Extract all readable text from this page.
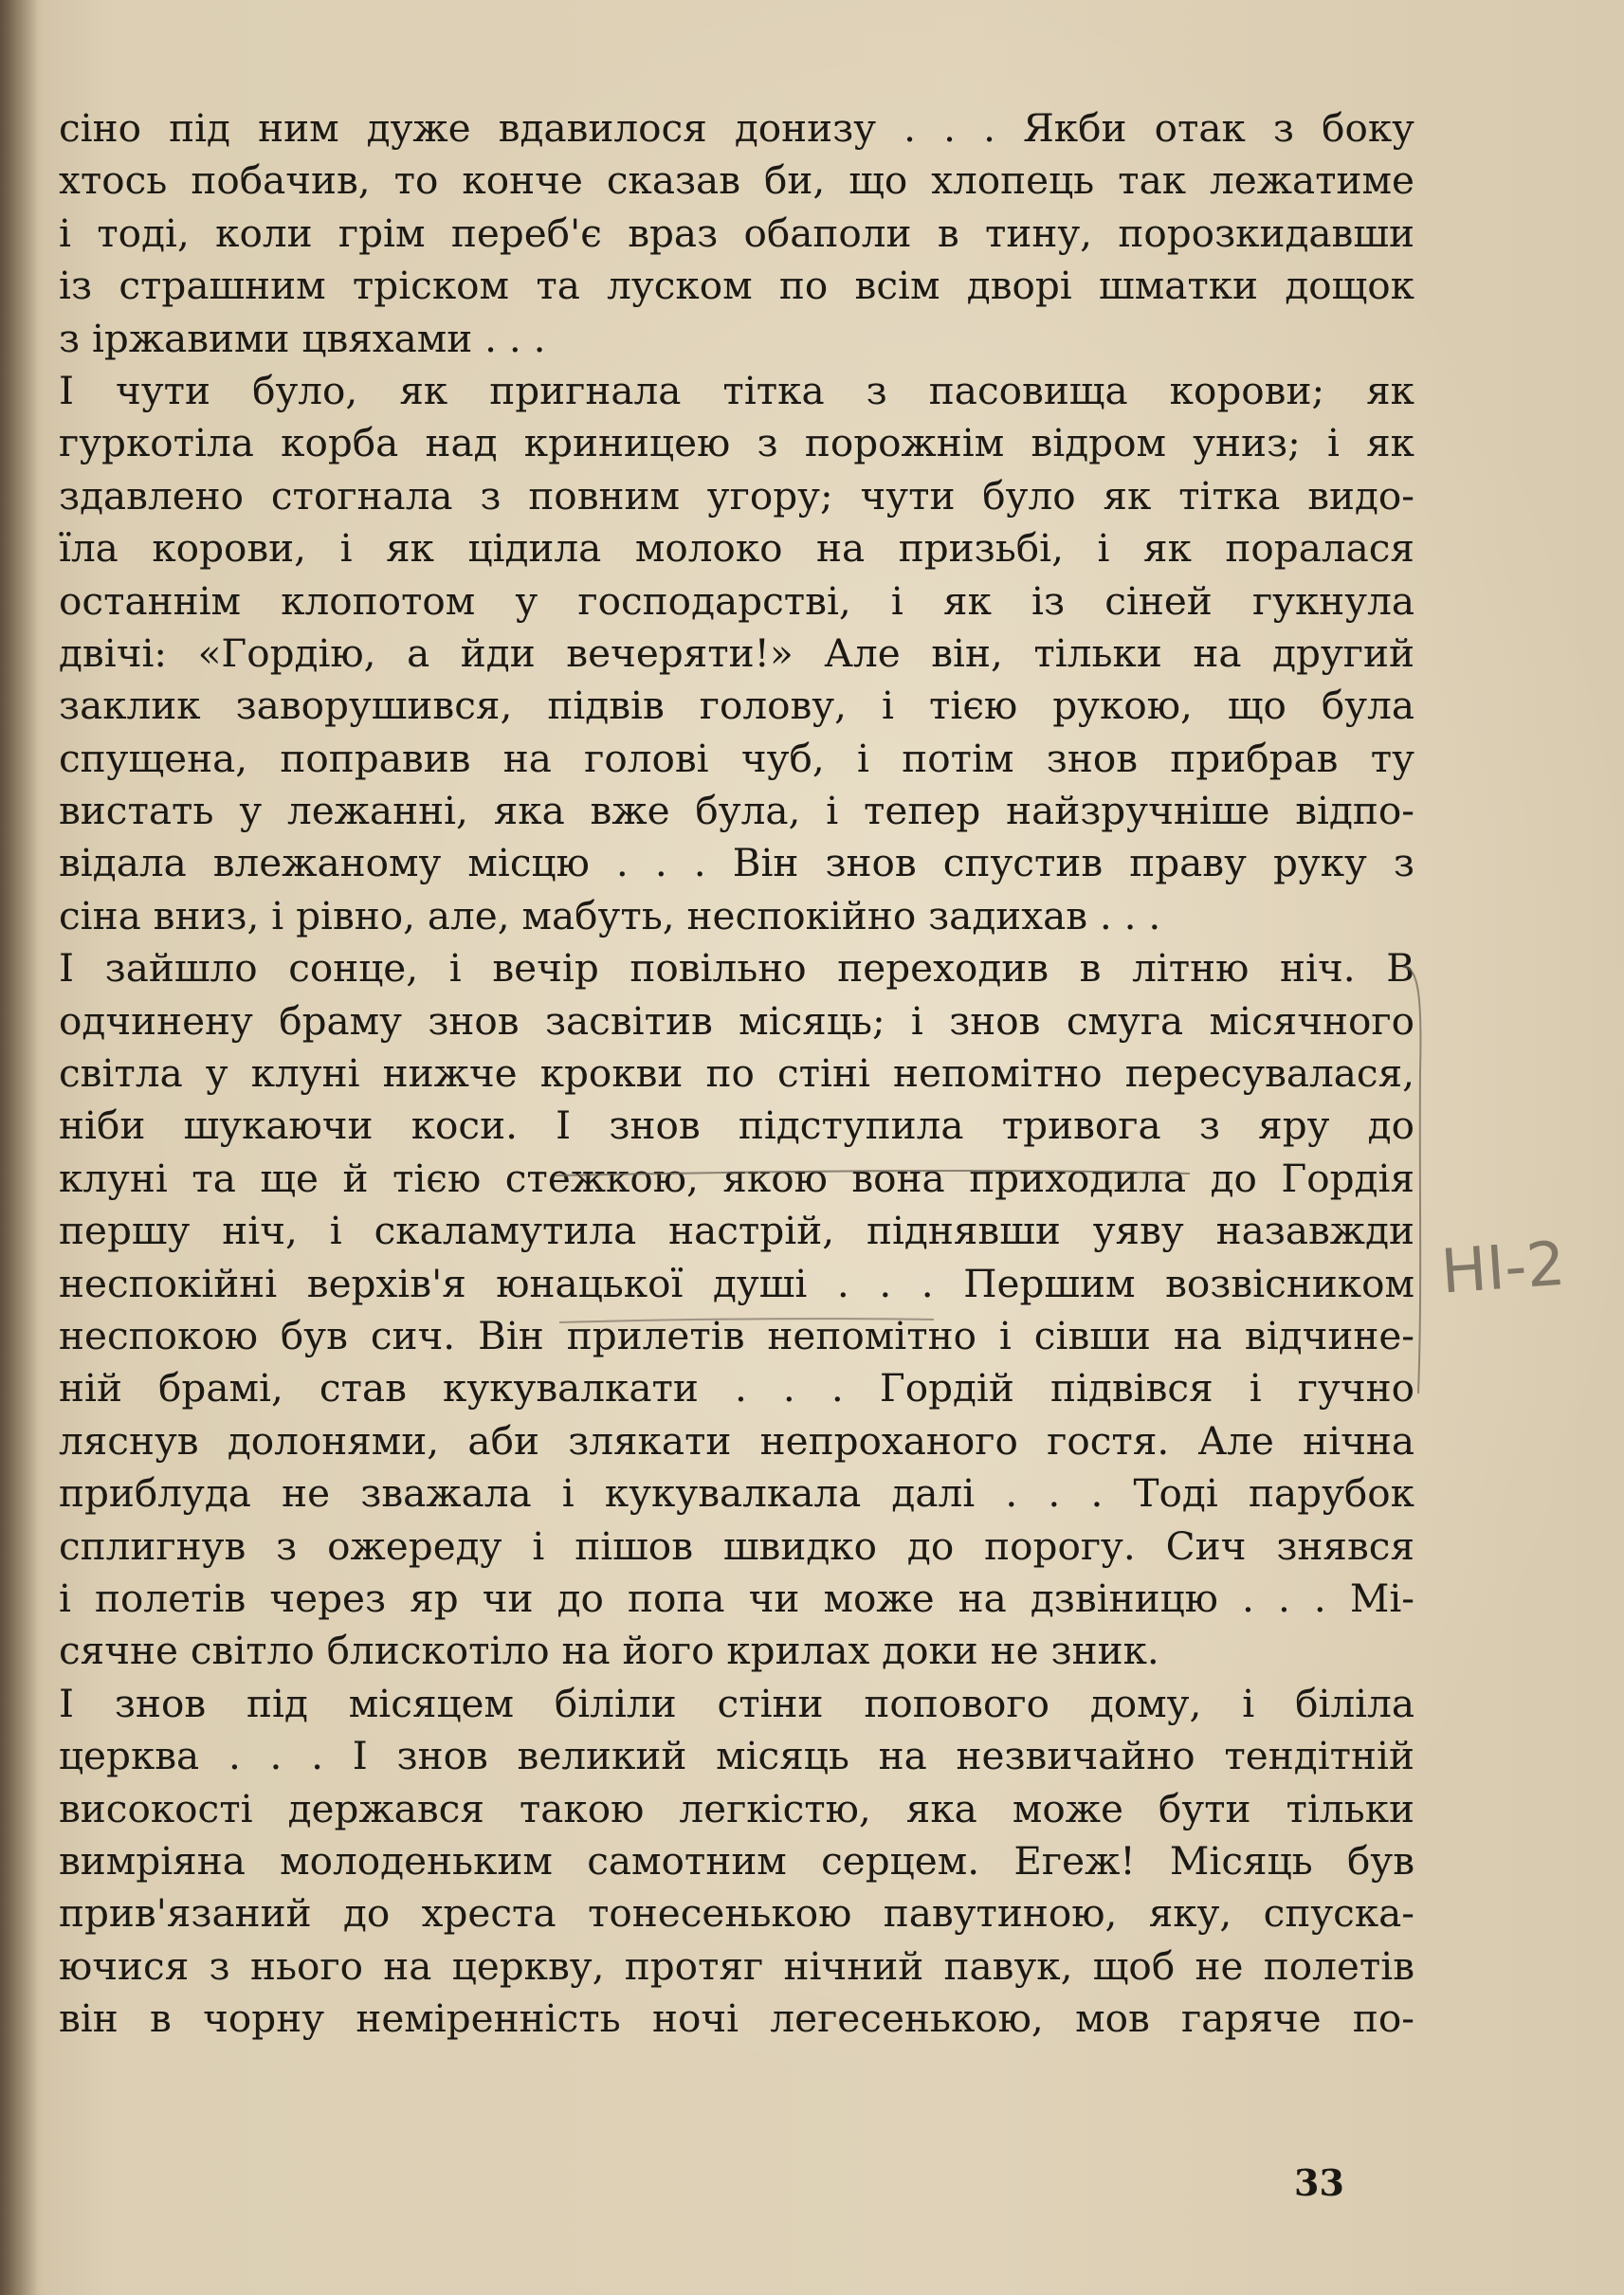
сіно під ним дуже вдавилося донизу . . . Якби отак з боку
хтось побачив, то конче сказав би, що хлопець так лежатиме
і тоді, коли грім переб'є враз обаполи в тину, порозкидавши
із страшним тріском та луском по всім дворі шматки дощок
з іржавими цвяхами . . .
І чути було, як пригнала тітка з пасовища корови; як
гуркотіла корба над криницею з порожнім відром униз; і як
здавлено стогнала з повним угору; чути було як тітка видо-
їла корови, і як цідила молоко на призьбі, і як поралася
останнім клопотом у господарстві, і як із сіней гукнула
двічі: «Гордію, а йди вечеряти!» Але він, тільки на другий
заклик заворушився, підвів голову, і тією рукою, що була
спущена, поправив на голові чуб, і потім знов прибрав ту
вистать у лежанні, яка вже була, і тепер найзручніше відпо-
відала влежаному місцю . . . Він знов спустив праву руку з
сіна вниз, і рівно, але, мабуть, неспокійно задихав . . .
І зайшло сонце, і вечір повільно переходив в літню ніч. В
одчинену браму знов засвітив місяць; і знов смуга місячного
світла у клуні нижче крокви по стіні непомітно пересувалася,
ніби шукаючи коси. І знов підступила тривога з яру до
клуні та ще й тією стежкою, якою вона приходила до Гордія
першу ніч, і скаламутила настрій, піднявши уяву назавжди
неспокійні верхів'я юнацької душі . . . Першим возвісником
неспокою був сич. Він прилетів непомітно і сівши на відчине-
ній брамі, став кукувалкати . . . Гордій підвівся і гучно
ляснув долонями, аби злякати непроханого гостя. Але нічна
приблуда не зважала і кукувалкала далі . . . Тоді парубок
сплигнув з ожереду і пішов швидко до порогу. Сич знявся
і полетів через яр чи до попа чи може на дзвіницю . . . Мі-
сячне світло блискотіло на його крилах доки не зник.
І знов під місяцем біліли стіни попового дому, і біліла
церква . . . І знов великий місяць на незвичайно тендітній
високості держався такою легкістю, яка може бути тільки
вимріяна молоденьким самотним серцем. Егеж! Місяць був
прив'язаний до хреста тонесенькою павутиною, яку, спуска-
ючися з нього на церкву, протяг нічний павук, щоб не полетів
він в чорну неміренність ночі легесенькою, мов гаряче по-
НІ-2
33
